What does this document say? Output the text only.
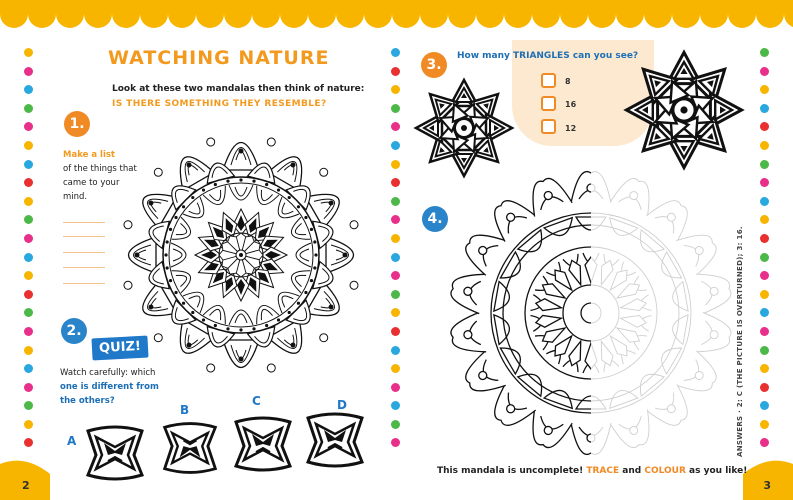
2	3
WATCHING NATURE
Look at these two mandalas then think of nature:
IS THERE SOMETHING THEY RESEMBLE?
1.
Make a list
of the things that
came to your
mind.
2.
QUIZ!
Watch carefully: which
one is different from
the others?
A
B
C	D
3.
How many TRIANGLES can you see?
8
16
12
4.
This mandala is uncomplete! TRACE and COLOUR as you like!
ANSWERS · 2: C (THE PICTURE IS OVERTURNED); 3: 16.
